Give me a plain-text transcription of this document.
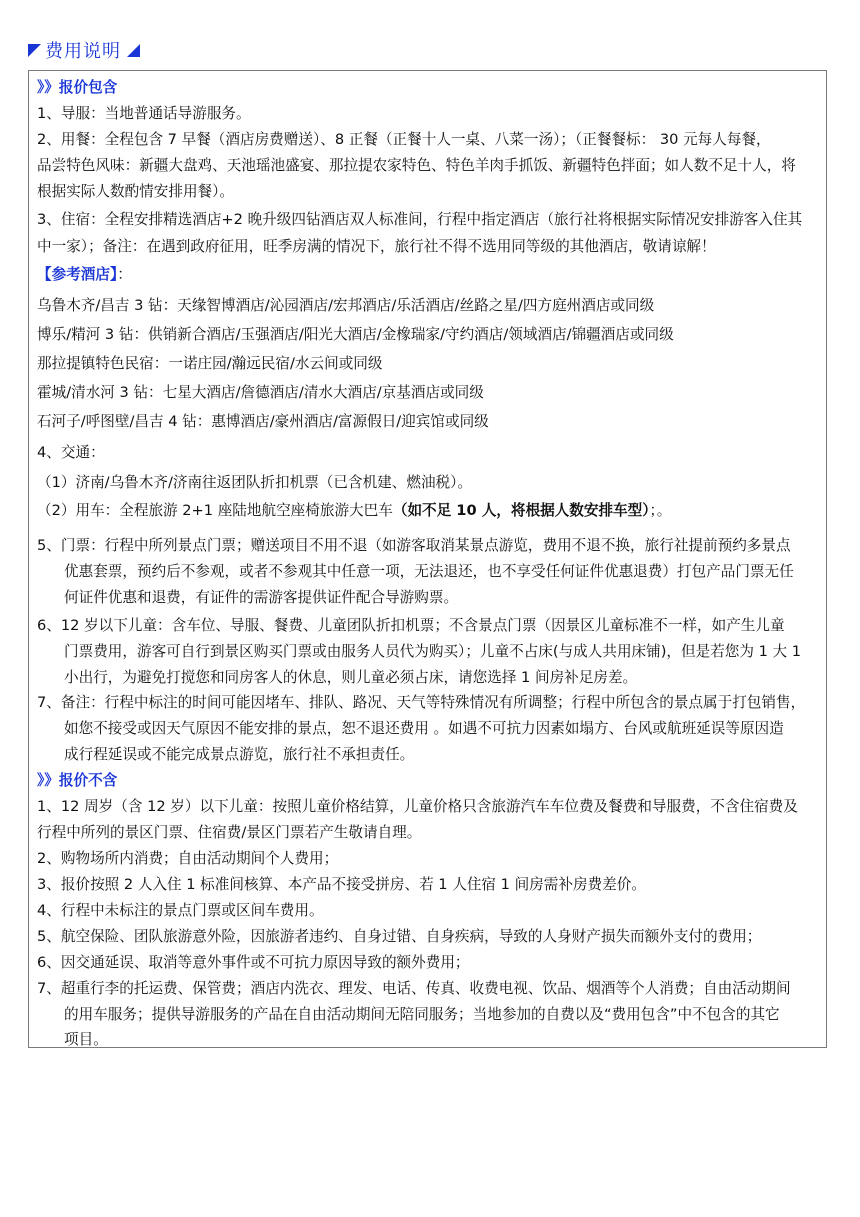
费用说明
》》报价包含
1、导服：当地普通话导游服务。
2、用餐：全程包含 7 早餐（酒店房费赠送）、8 正餐（正餐十人一桌、八菜一汤）；（正餐餐标： 30 元每人每餐，
品尝特色风味：新疆大盘鸡、天池瑶池盛宴、那拉提农家特色、特色羊肉手抓饭、新疆特色拌面；如人数不足十人，将
根据实际人数酌情安排用餐）。
3、住宿：全程安排精选酒店+2 晚升级四钻酒店双人标准间，行程中指定酒店（旅行社将根据实际情况安排游客入住其
中一家）；备注：在遇到政府征用，旺季房满的情况下，旅行社不得不选用同等级的其他酒店，敬请谅解！
【参考酒店】：
乌鲁木齐/昌吉 3 钻：天缘智博酒店/沁园酒店/宏邦酒店/乐活酒店/丝路之星/四方庭州酒店或同级
博乐/精河 3 钻：供销新合酒店/玉强酒店/阳光大酒店/金橡瑞家/守约酒店/领域酒店/锦疆酒店或同级
那拉提镇特色民宿：一诺庄园/瀚远民宿/水云间或同级
霍城/清水河 3 钻：七星大酒店/詹德酒店/清水大酒店/京基酒店或同级
石河子/呼图壁/昌吉 4 钻：惠博酒店/豪州酒店/富源假日/迎宾馆或同级
4、交通：
（1）济南/乌鲁木齐/济南往返团队折扣机票（已含机建、燃油税）。
（2）用车：全程旅游 2+1 座陆地航空座椅旅游大巴车（如不足 10 人，将根据人数安排车型）；。
5、门票：行程中所列景点门票；赠送项目不用不退（如游客取消某景点游览，费用不退不换，旅行社提前预约多景点
优惠套票，预约后不参观，或者不参观其中任意一项，无法退还，也不享受任何证件优惠退费）打包产品门票无任
何证件优惠和退费，有证件的需游客提供证件配合导游购票。
6、12 岁以下儿童：含车位、导服、餐费、儿童团队折扣机票；不含景点门票（因景区儿童标准不一样，如产生儿童
门票费用，游客可自行到景区购买门票或由服务人员代为购买）；儿童不占床(与成人共用床铺)，但是若您为 1 大 1
小出行，为避免打搅您和同房客人的休息，则儿童必须占床，请您选择 1 间房补足房差。
7、备注：行程中标注的时间可能因堵车、排队、路况、天气等特殊情况有所调整；行程中所包含的景点属于打包销售，
如您不接受或因天气原因不能安排的景点，恕不退还费用 。如遇不可抗力因素如塌方、台风或航班延误等原因造
成行程延误或不能完成景点游览，旅行社不承担责任。
》》报价不含
1、12 周岁（含 12 岁）以下儿童：按照儿童价格结算，儿童价格只含旅游汽车车位费及餐费和导服费，不含住宿费及
行程中所列的景区门票、住宿费/景区门票若产生敬请自理。
2、购物场所内消费；自由活动期间个人费用；
3、报价按照 2 人入住 1 标准间核算、本产品不接受拼房、若 1 人住宿 1 间房需补房费差价。
4、行程中未标注的景点门票或区间车费用。
5、航空保险、团队旅游意外险，因旅游者违约、自身过错、自身疾病，导致的人身财产损失而额外支付的费用；
6、因交通延误、取消等意外事件或不可抗力原因导致的额外费用；
7、超重行李的托运费、保管费；酒店内洗衣、理发、电话、传真、收费电视、饮品、烟酒等个人消费；自由活动期间
的用车服务；提供导游服务的产品在自由活动期间无陪同服务；当地参加的自费以及“费用包含”中不包含的其它
项目。
